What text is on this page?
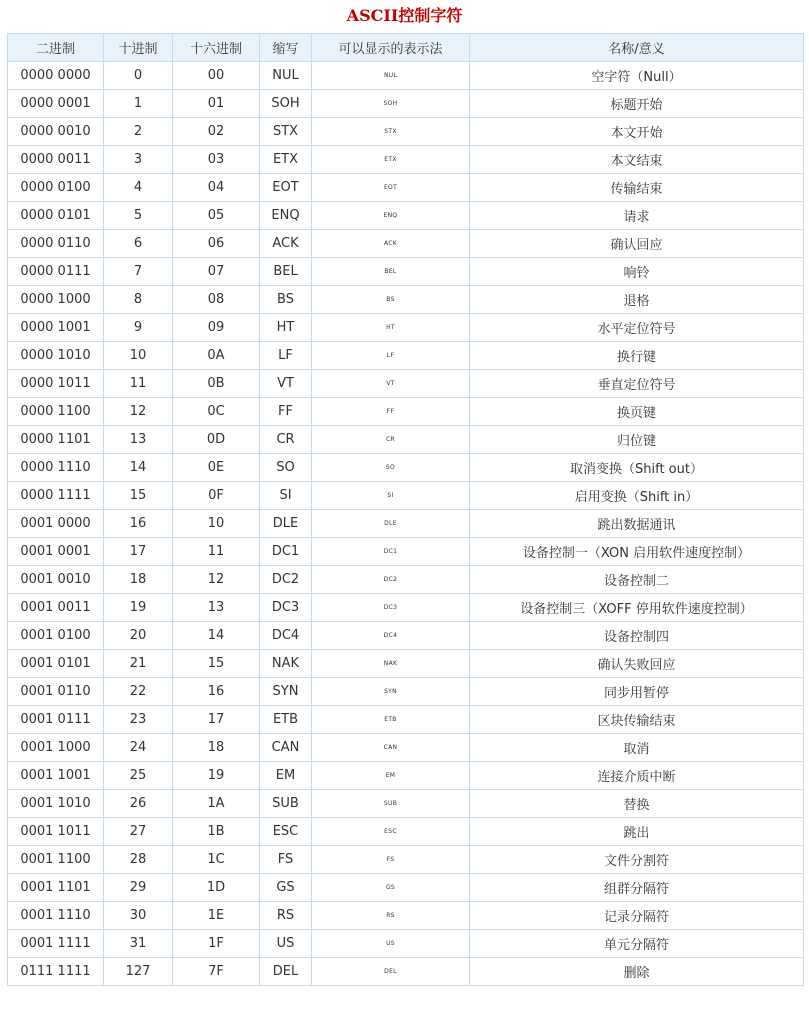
ASCII控制字符
二进制	十进制	十六进制	缩写	可以显示的表示法	名称/意义
0000 0000	0	00	NUL	NUL	空字符（Null）
0000 0001	1	01	SOH	SOH	标题开始
0000 0010	2	02	STX	STX	本文开始
0000 0011	3	03	ETX	ETX	本文结束
0000 0100	4	04	EOT	EOT	传输结束
0000 0101	5	05	ENQ	ENQ	请求
0000 0110	6	06	ACK	ACK	确认回应
0000 0111	7	07	BEL	BEL	响铃
0000 1000	8	08	BS	BS	退格
0000 1001	9	09	HT	HT	水平定位符号
0000 1010	10	0A	LF	LF	换行键
0000 1011	11	0B	VT	VT	垂直定位符号
0000 1100	12	0C	FF	FF	换页键
0000 1101	13	0D	CR	CR	归位键
0000 1110	14	0E	SO	SO	取消变换（Shift out）
0000 1111	15	0F	SI	SI	启用变换（Shift in）
0001 0000	16	10	DLE	DLE	跳出数据通讯
0001 0001	17	11	DC1	DC1	设备控制一（XON 启用软件速度控制）
0001 0010	18	12	DC2	DC2	设备控制二
0001 0011	19	13	DC3	DC3	设备控制三（XOFF 停用软件速度控制）
0001 0100	20	14	DC4	DC4	设备控制四
0001 0101	21	15	NAK	NAK	确认失败回应
0001 0110	22	16	SYN	SYN	同步用暂停
0001 0111	23	17	ETB	ETB	区块传输结束
0001 1000	24	18	CAN	CAN	取消
0001 1001	25	19	EM	EM	连接介质中断
0001 1010	26	1A	SUB	SUB	替换
0001 1011	27	1B	ESC	ESC	跳出
0001 1100	28	1C	FS	FS	文件分割符
0001 1101	29	1D	GS	GS	组群分隔符
0001 1110	30	1E	RS	RS	记录分隔符
0001 1111	31	1F	US	US	单元分隔符
0111 1111	127	7F	DEL	DEL	删除
